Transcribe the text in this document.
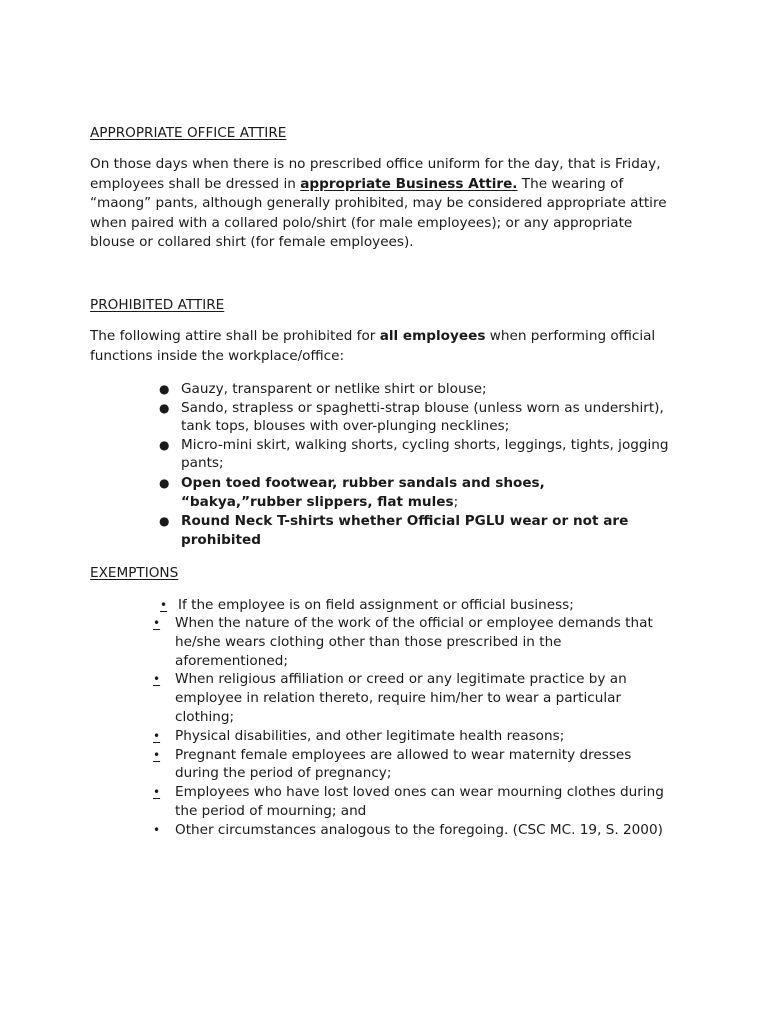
APPROPRIATE OFFICE ATTIRE
On those days when there is no prescribed office uniform for the day, that is Friday,
employees shall be dressed in appropriate Business Attire. The wearing of
“maong” pants, although generally prohibited, may be considered appropriate attire
when paired with a collared polo/shirt (for male employees); or any appropriate
blouse or collared shirt (for female employees).
PROHIBITED ATTIRE
The following attire shall be prohibited for all employees when performing official
functions inside the workplace/office:
● Gauzy, transparent or netlike shirt or blouse;
● Sando, strapless or spaghetti-strap blouse (unless worn as undershirt),
tank tops, blouses with over-plunging necklines;
● Micro-mini skirt, walking shorts, cycling shorts, leggings, tights, jogging
pants;
● Open toed footwear, rubber sandals and shoes,
“bakya,”rubber slippers, flat mules;
● Round Neck T-shirts whether Official PGLU wear or not are
prohibited
EXEMPTIONS
• If the employee is on field assignment or official business;
•	When the nature of the work of the official or employee demands that
he/she wears clothing other than those prescribed in the
aforementioned;
•	When religious affiliation or creed or any legitimate practice by an
employee in relation thereto, require him/her to wear a particular
clothing;
•	Physical disabilities, and other legitimate health reasons;
•	Pregnant female employees are allowed to wear maternity dresses
during the period of pregnancy;
•	Employees who have lost loved ones can wear mourning clothes during
the period of mourning; and
•	Other circumstances analogous to the foregoing. (CSC MC. 19, S. 2000)
